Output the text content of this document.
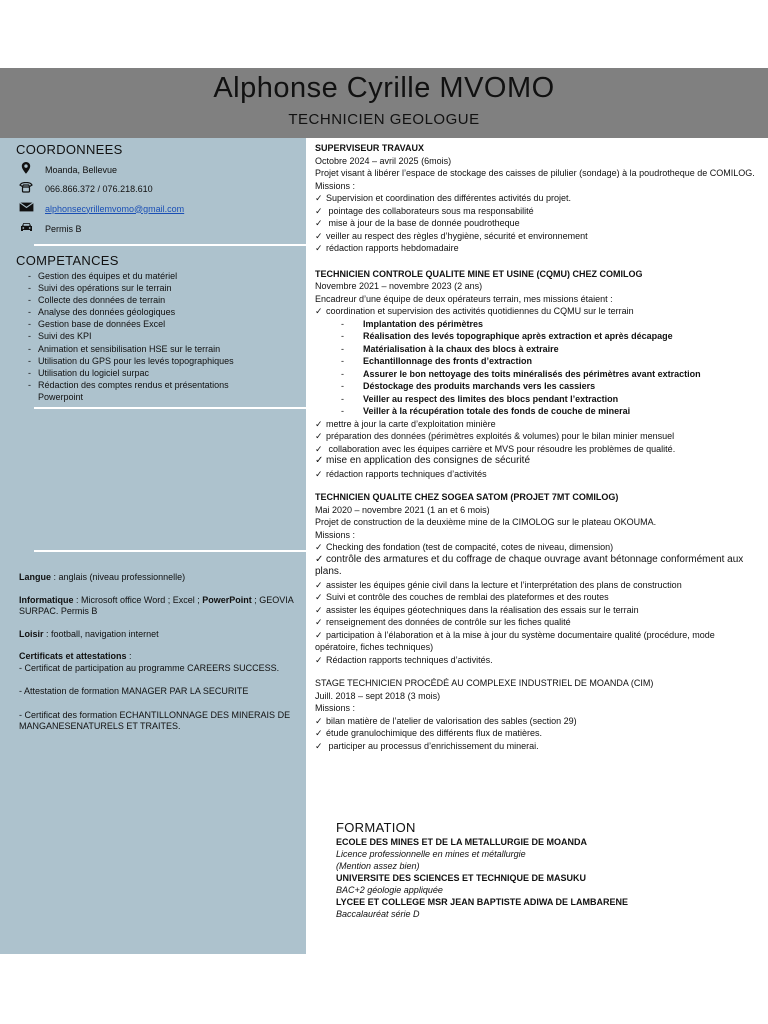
Alphonse Cyrille MVOMO
TECHNICIEN GEOLOGUE
COORDONNEES
Moanda, Bellevue
066.866.372 / 076.218.610
alphonsecyrillemvomo@gmail.com
Permis B
COMPETANCES
- Gestion des équipes et du matériel
- Suivi des opérations sur le terrain
- Collecte des données de terrain
- Analyse des données géologiques
- Gestion base de données Excel
- Suivi des KPI
- Animation et sensibilisation HSE sur le terrain
- Utilisation du GPS pour les levés topographiques
- Utilisation du logiciel surpac
- Rédaction des comptes rendus et présentations Powerpoint

Langue : anglais (niveau professionnelle)

Informatique : Microsoft office Word ; Excel ; PowerPoint ; GEOVIA SURPAC. Permis B

Loisir : football, navigation internet

Certificats et attestations :

- Certificat de participation au programme CAREERS SUCCESS.

- Attestation de formation MANAGER PAR LA SECURITE

- Certificat des formation ECHANTILLONNAGE DES MINERAIS DE MANGANESENATURELS ET TRAITES.

SUPERVISEUR TRAVAUX
Octobre 2024 – avril 2025 (6mois)
Projet visant à libérer l’espace de stockage des caisses de pilulier (sondage) à la poudrotheque de COMILOG.
Missions :
✓ Supervision et coordination des différentes activités du projet.
✓ pointage des collaborateurs sous ma responsabilité
✓ mise à jour de la base de donnée poudrotheque
✓ veiller au respect des règles d’hygiène, sécurité et environnement
✓ rédaction rapports hebdomadaire
TECHNICIEN CONTROLE QUALITE MINE ET USINE (CQMU) CHEZ COMILOG
Novembre 2021 – novembre 2023 (2 ans)
Encadreur d’une équipe de deux opérateurs terrain, mes missions étaient :
✓ coordination et supervision des activités quotidiennes du CQMU sur le terrain
- Implantation des périmètres
- Réalisation des levés topographique après extraction et après décapage
- Matérialisation à la chaux des blocs à extraire
- Echantillonnage des fronts d’extraction
- Assurer le bon nettoyage des toits minéralisés des périmètres avant extraction
- Déstockage des produits marchands vers les cassiers
- Veiller au respect des limites des blocs pendant l’extraction
- Veiller à la récupération totale des fonds de couche de minerai
✓ mettre à jour la carte d’exploitation minière
✓ préparation des données (périmètres exploités & volumes) pour le bilan minier mensuel
✓ collaboration avec les équipes carrière et MVS pour résoudre les problèmes de qualité.
✓ mise en application des consignes de sécurité
✓ rédaction rapports techniques d’activités
TECHNICIEN QUALITE CHEZ SOGEA SATOM (PROJET 7MT COMILOG)
Mai 2020 – novembre 2021 (1 an et 6 mois)
Projet de construction de la deuxième mine de la CIMOLOG sur le plateau OKOUMA.
Missions :
✓ Checking des fondation (test de compacité, cotes de niveau, dimension)
✓ contrôle des armatures et du coffrage de chaque ouvrage avant bétonnage conformément aux plans.
✓ assister les équipes génie civil dans la lecture et l’interprétation des plans de construction
✓ Suivi et contrôle des couches de remblai des plateformes et des routes
✓ assister les équipes géotechniques dans la réalisation des essais sur le terrain
✓ renseignement des données de contrôle sur les fiches qualité
✓ participation à l’élaboration et à la mise à jour du système documentaire qualité (procédure, mode opératoire, fiches techniques)
✓ Rédaction rapports techniques d’activités.
STAGE TECHNICIEN PROCÉDÉ AU COMPLEXE INDUSTRIEL DE MOANDA (CIM)
Juill. 2018 – sept 2018 (3 mois)
Missions :
✓ bilan matière de l’atelier de valorisation des sables (section 29)
✓ étude granulochimique des différents flux de matières.
✓ participer au processus d’enrichissement du minerai.
FORMATION
ECOLE DES MINES ET DE LA METALLURGIE DE MOANDA
Licence professionnelle en mines et métallurgie
(Mention assez bien)
UNIVERSITE DES SCIENCES ET TECHNIQUE DE MASUKU
BAC+2 géologie appliquée
LYCEE ET COLLEGE MSR JEAN BAPTISTE ADIWA DE LAMBARENE
Baccalauréat série D
